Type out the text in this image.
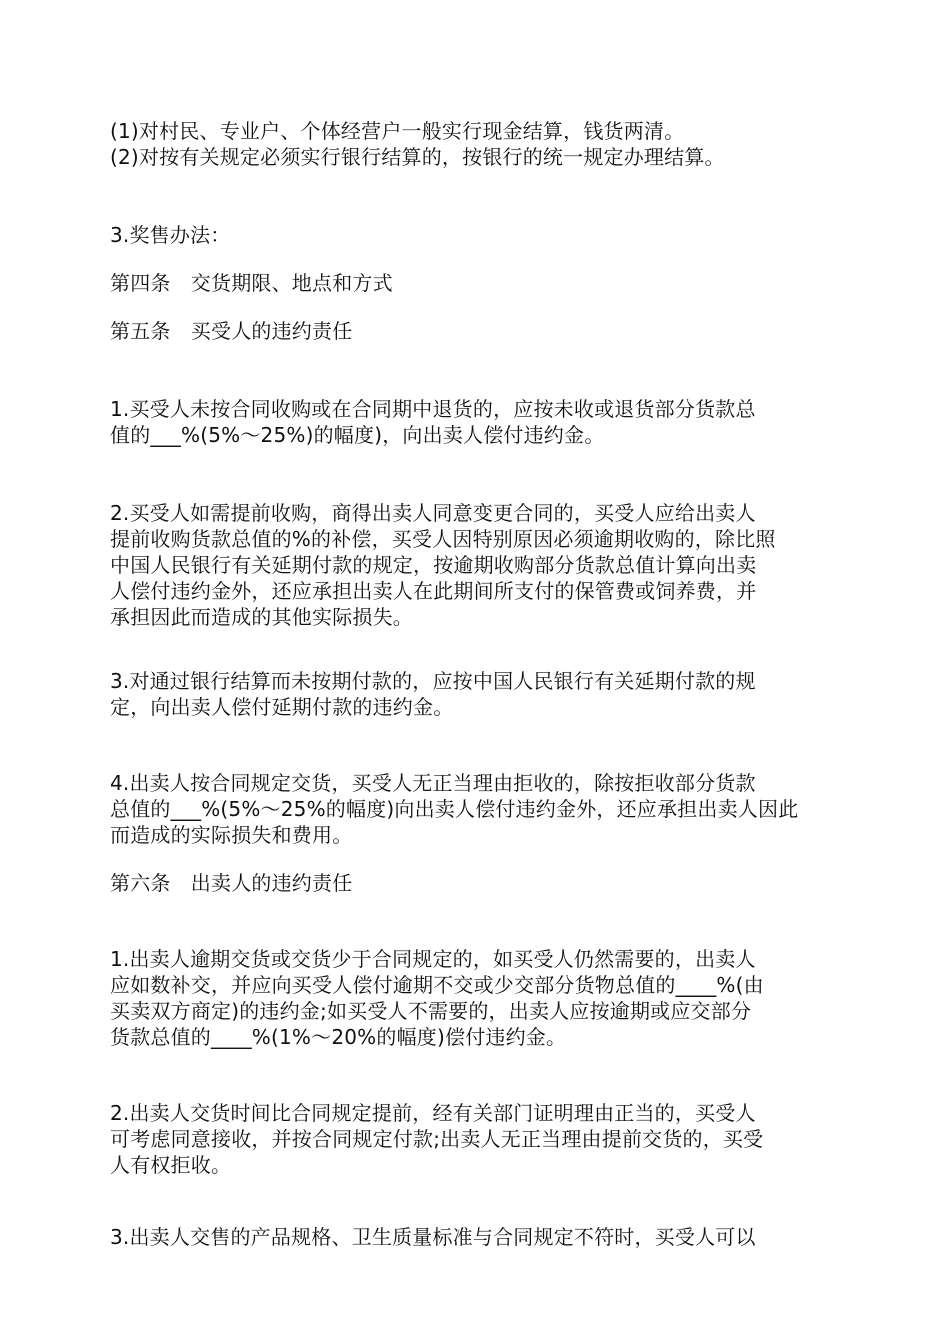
(1)对村民、专业户、个体经营户一般实行现金结算，钱货两清。
(2)对按有关规定必须实行银行结算的，按银行的统一规定办理结算。
3.奖售办法：
第四条　交货期限、地点和方式
第五条　买受人的违约责任
1.买受人未按合同收购或在合同期中退货的，应按未收或退货部分货款总
值的___%(5%～25%)的幅度)，向出卖人偿付违约金。
2.买受人如需提前收购，商得出卖人同意变更合同的，买受人应给出卖人
提前收购货款总值的%的补偿，买受人因特别原因必须逾期收购的，除比照
中国人民银行有关延期付款的规定，按逾期收购部分货款总值计算向出卖
人偿付违约金外，还应承担出卖人在此期间所支付的保管费或饲养费，并
承担因此而造成的其他实际损失。
3.对通过银行结算而未按期付款的，应按中国人民银行有关延期付款的规
定，向出卖人偿付延期付款的违约金。
4.出卖人按合同规定交货，买受人无正当理由拒收的，除按拒收部分货款
总值的___%(5%～25%的幅度)向出卖人偿付违约金外，还应承担出卖人因此
而造成的实际损失和费用。
第六条　出卖人的违约责任
1.出卖人逾期交货或交货少于合同规定的，如买受人仍然需要的，出卖人
应如数补交，并应向买受人偿付逾期不交或少交部分货物总值的____%(由
买卖双方商定)的违约金;如买受人不需要的，出卖人应按逾期或应交部分
货款总值的____%(1%～20%的幅度)偿付违约金。
2.出卖人交货时间比合同规定提前，经有关部门证明理由正当的，买受人
可考虑同意接收，并按合同规定付款;出卖人无正当理由提前交货的，买受
人有权拒收。
3.出卖人交售的产品规格、卫生质量标准与合同规定不符时，买受人可以
